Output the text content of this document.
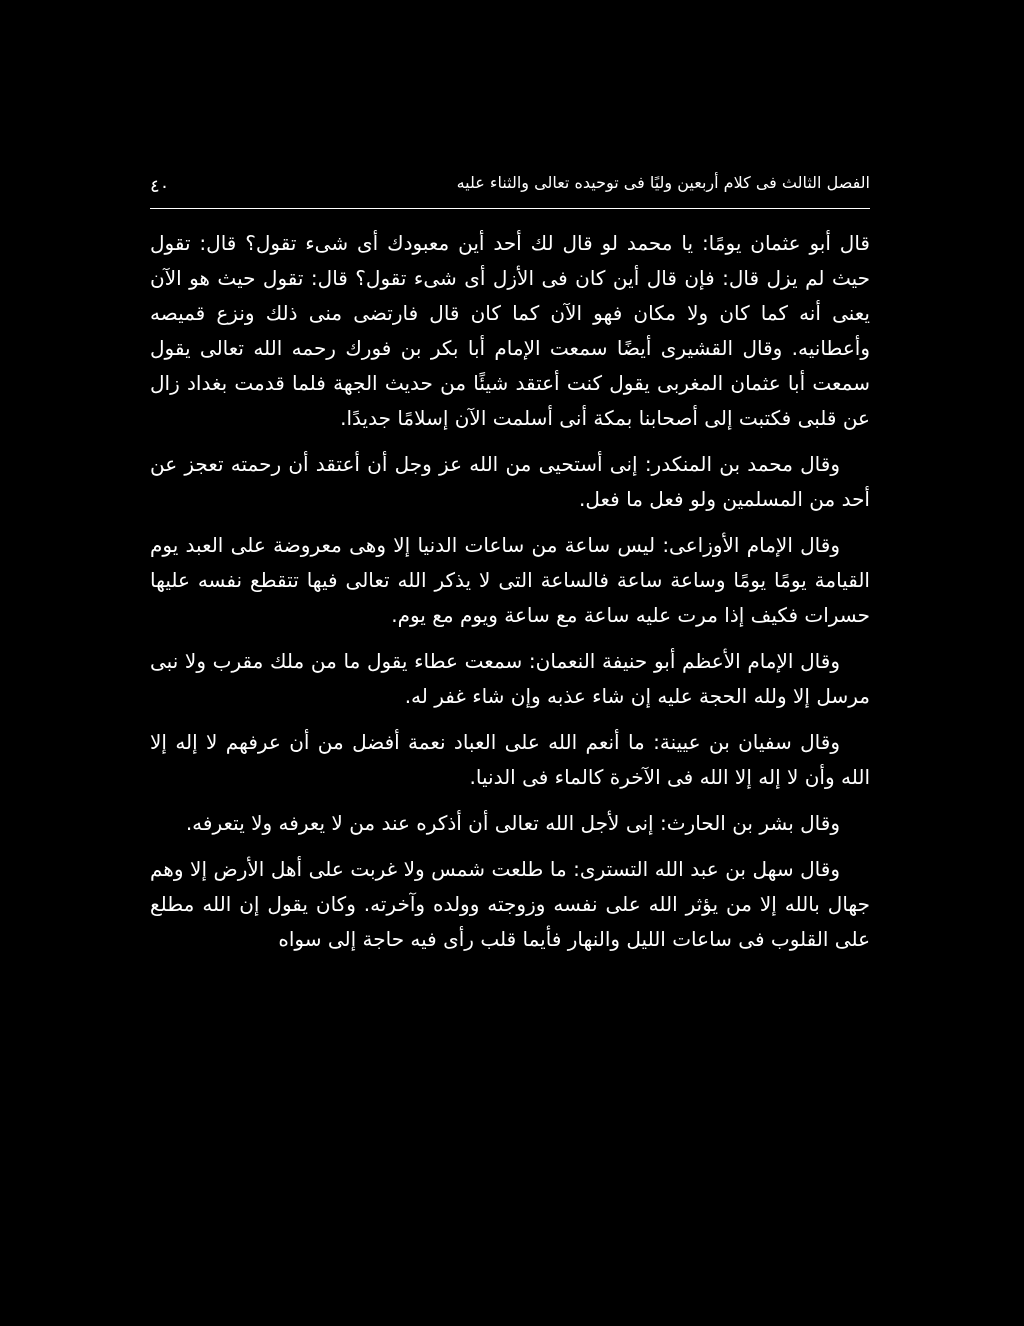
الفصل الثالث فى كلام أربعين وليًا فى توحيده تعالى والثناء عليه
٤٠

قال أبو عثمان يومًا: يا محمد لو قال لك أحد أين معبودك أى شىء تقول؟ قال: تقول حيث لم يزل قال: فإن قال أين كان فى الأزل أى شىء تقول؟ قال: تقول حيث هو الآن يعنى أنه كما كان ولا مكان فهو الآن كما كان قال فارتضى منى ذلك ونزع قميصه وأعطانيه. وقال القشيرى أيضًا سمعت الإمام أبا بكر بن فورك رحمه الله تعالى يقول سمعت أبا عثمان المغربى يقول كنت أعتقد شيئًا من حديث الجهة فلما قدمت بغداد زال عن قلبى فكتبت إلى أصحابنا بمكة أنى أسلمت الآن إسلامًا جديدًا.

وقال محمد بن المنكدر: إنى أستحيى من الله عز وجل أن أعتقد أن رحمته تعجز عن أحد من المسلمين ولو فعل ما فعل.

وقال الإمام الأوزاعى: ليس ساعة من ساعات الدنيا إلا وهى معروضة على العبد يوم القيامة يومًا يومًا وساعة ساعة فالساعة التى لا يذكر الله تعالى فيها تتقطع نفسه عليها حسرات فكيف إذا مرت عليه ساعة مع ساعة ويوم مع يوم.

وقال الإمام الأعظم أبو حنيفة النعمان: سمعت عطاء يقول ما من ملك مقرب ولا نبى مرسل إلا ولله الحجة عليه إن شاء عذبه وإن شاء غفر له.

وقال سفيان بن عيينة: ما أنعم الله على العباد نعمة أفضل من أن عرفهم لا إله إلا الله وأن لا إله إلا الله فى الآخرة كالماء فى الدنيا.

وقال بشر بن الحارث: إنى لأجل الله تعالى أن أذكره عند من لا يعرفه ولا يتعرفه.

وقال سهل بن عبد الله التسترى: ما طلعت شمس ولا غربت على أهل الأرض إلا وهم جهال بالله إلا من يؤثر الله على نفسه وزوجته وولده وآخرته. وكان يقول إن الله مطلع على القلوب فى ساعات الليل والنهار فأيما قلب رأى فيه حاجة إلى سواه
